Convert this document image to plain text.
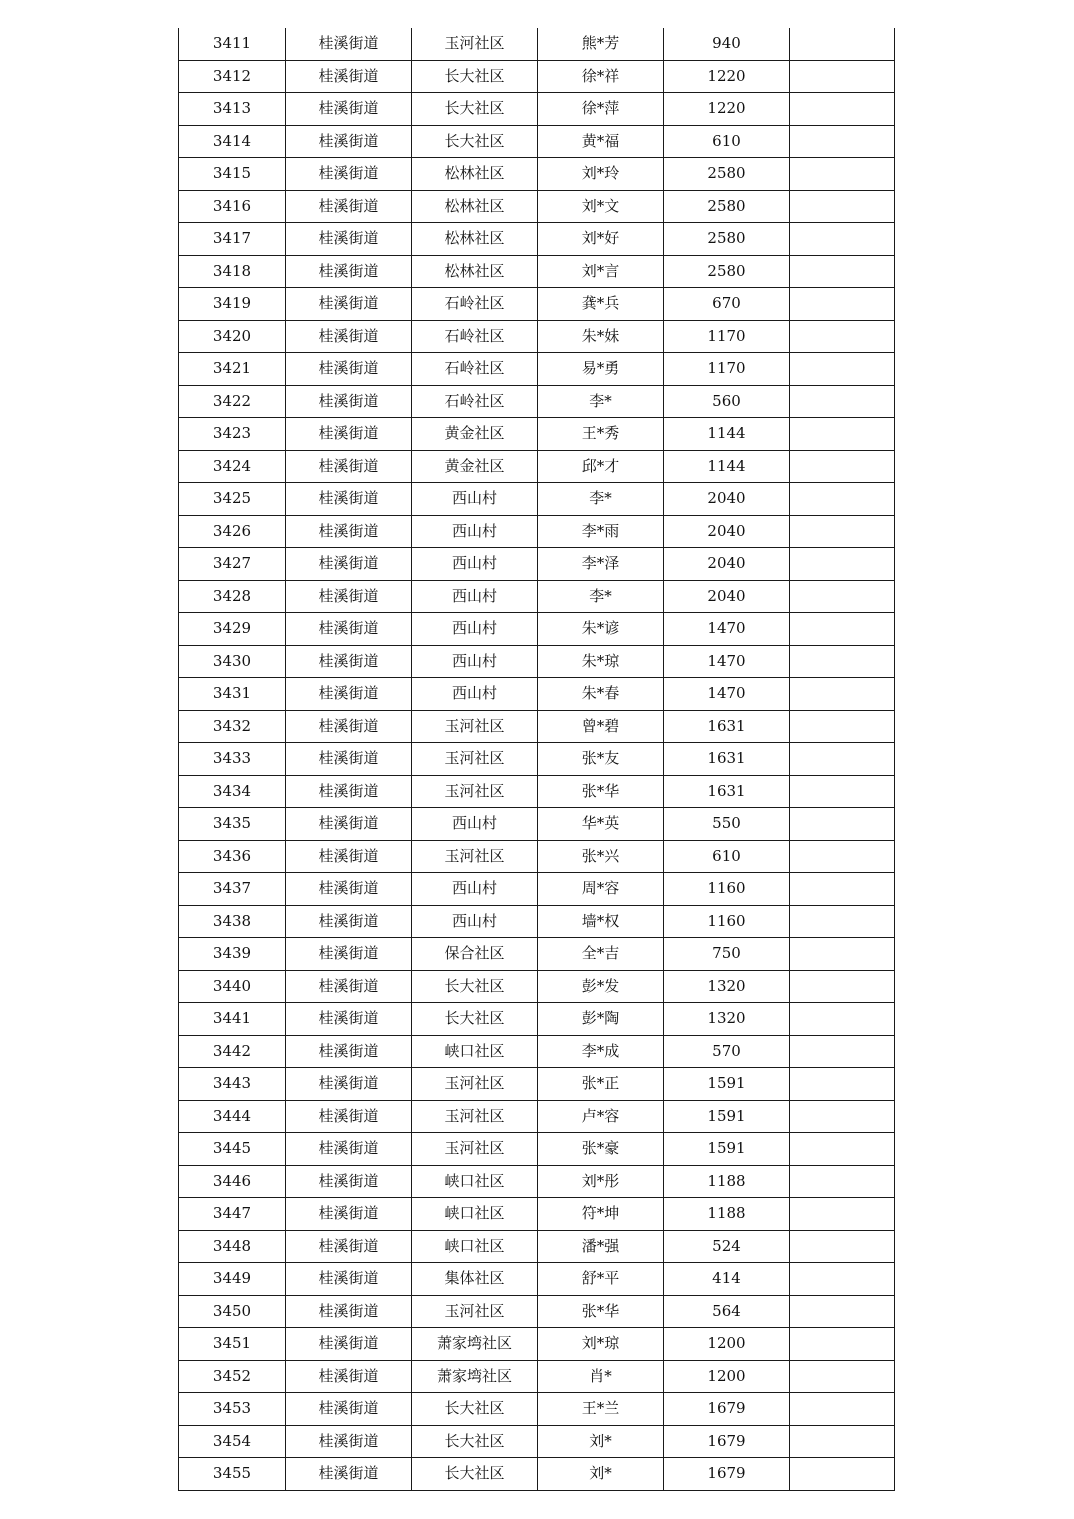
3411	桂溪街道	玉河社区	熊*芳	940	
3412	桂溪街道	长大社区	徐*祥	1220	
3413	桂溪街道	长大社区	徐*萍	1220	
3414	桂溪街道	长大社区	黄*福	610	
3415	桂溪街道	松林社区	刘*玲	2580	
3416	桂溪街道	松林社区	刘*文	2580	
3417	桂溪街道	松林社区	刘*好	2580	
3418	桂溪街道	松林社区	刘*言	2580	
3419	桂溪街道	石岭社区	龚*兵	670	
3420	桂溪街道	石岭社区	朱*妹	1170	
3421	桂溪街道	石岭社区	易*勇	1170	
3422	桂溪街道	石岭社区	李*	560	
3423	桂溪街道	黄金社区	王*秀	1144	
3424	桂溪街道	黄金社区	邱*才	1144	
3425	桂溪街道	西山村	李*	2040	
3426	桂溪街道	西山村	李*雨	2040	
3427	桂溪街道	西山村	李*泽	2040	
3428	桂溪街道	西山村	李*	2040	
3429	桂溪街道	西山村	朱*谚	1470	
3430	桂溪街道	西山村	朱*琼	1470	
3431	桂溪街道	西山村	朱*春	1470	
3432	桂溪街道	玉河社区	曾*碧	1631	
3433	桂溪街道	玉河社区	张*友	1631	
3434	桂溪街道	玉河社区	张*华	1631	
3435	桂溪街道	西山村	华*英	550	
3436	桂溪街道	玉河社区	张*兴	610	
3437	桂溪街道	西山村	周*容	1160	
3438	桂溪街道	西山村	墙*权	1160	
3439	桂溪街道	保合社区	全*吉	750	
3440	桂溪街道	长大社区	彭*发	1320	
3441	桂溪街道	长大社区	彭*陶	1320	
3442	桂溪街道	峡口社区	李*成	570	
3443	桂溪街道	玉河社区	张*正	1591	
3444	桂溪街道	玉河社区	卢*容	1591	
3445	桂溪街道	玉河社区	张*豪	1591	
3446	桂溪街道	峡口社区	刘*彤	1188	
3447	桂溪街道	峡口社区	符*坤	1188	
3448	桂溪街道	峡口社区	潘*强	524	
3449	桂溪街道	集体社区	舒*平	414	
3450	桂溪街道	玉河社区	张*华	564	
3451	桂溪街道	萧家塆社区	刘*琼	1200	
3452	桂溪街道	萧家塆社区	肖*	1200	
3453	桂溪街道	长大社区	王*兰	1679	
3454	桂溪街道	长大社区	刘*	1679	
3455	桂溪街道	长大社区	刘*	1679	
